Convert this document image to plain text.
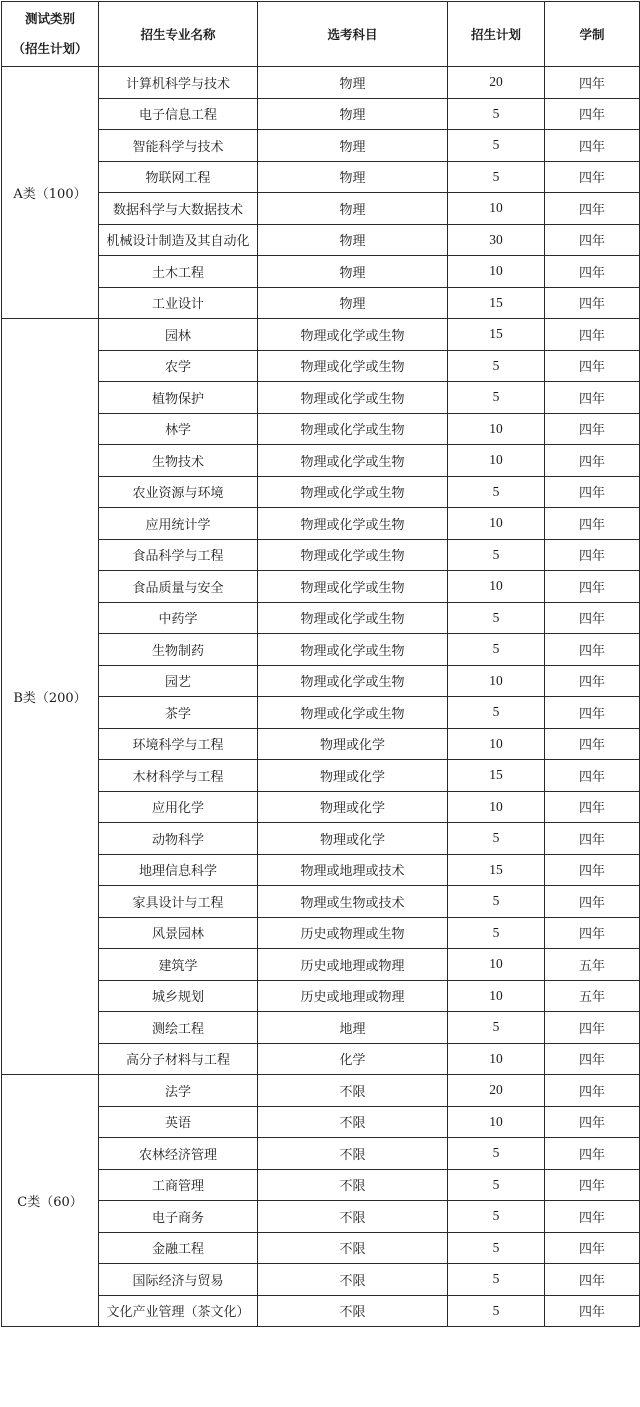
测试类别
（招生计划）	招生专业名称	选考科目	招生计划	学制
A类（100）	计算机科学与技术	物理	20	四年
	电子信息工程	物理	5	四年
	智能科学与技术	物理	5	四年
	物联网工程	物理	5	四年
	数据科学与大数据技术	物理	10	四年
	机械设计制造及其自动化	物理	30	四年
	土木工程	物理	10	四年
	工业设计	物理	15	四年
B类（200）	园林	物理或化学或生物	15	四年
	农学	物理或化学或生物	5	四年
	植物保护	物理或化学或生物	5	四年
	林学	物理或化学或生物	10	四年
	生物技术	物理或化学或生物	10	四年
	农业资源与环境	物理或化学或生物	5	四年
	应用统计学	物理或化学或生物	10	四年
	食品科学与工程	物理或化学或生物	5	四年
	食品质量与安全	物理或化学或生物	10	四年
	中药学	物理或化学或生物	5	四年
	生物制药	物理或化学或生物	5	四年
	园艺	物理或化学或生物	10	四年
	茶学	物理或化学或生物	5	四年
	环境科学与工程	物理或化学	10	四年
	木材科学与工程	物理或化学	15	四年
	应用化学	物理或化学	10	四年
	动物科学	物理或化学	5	四年
	地理信息科学	物理或地理或技术	15	四年
	家具设计与工程	物理或生物或技术	5	四年
	风景园林	历史或物理或生物	5	四年
	建筑学	历史或地理或物理	10	五年
	城乡规划	历史或地理或物理	10	五年
	测绘工程	地理	5	四年
	高分子材料与工程	化学	10	四年
C类（60）	法学	不限	20	四年
	英语	不限	10	四年
	农林经济管理	不限	5	四年
	工商管理	不限	5	四年
	电子商务	不限	5	四年
	金融工程	不限	5	四年
	国际经济与贸易	不限	5	四年
	文化产业管理（茶文化）	不限	5	四年
